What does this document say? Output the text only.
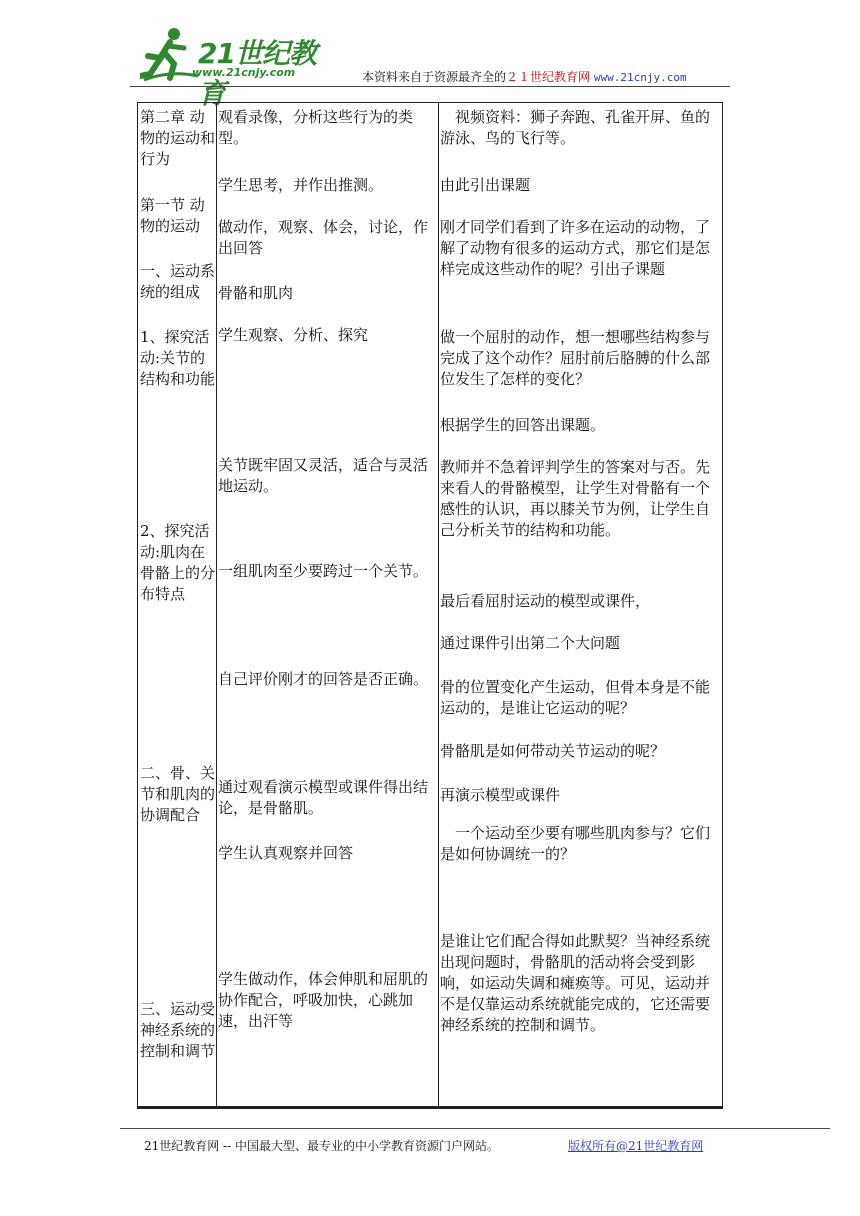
21世纪教育
www.21cnjy.com	本资料来自于资源最齐全的２１世纪教育网 www.21cnjy.com
第二章 动物的运动和行为
第一节 动物的运动
一、运动系统的组成
1、探究活动:关节的结构和功能
2、探究活动:肌肉在骨骼上的分布特点
二、骨、关节和肌肉的协调配合
三、运动受神经系统的控制和调节
观看录像，分析这些行为的类型。
学生思考，并作出推测。
做动作，观察、体会，讨论，作出回答
骨骼和肌肉
学生观察、分析、探究
关节既牢固又灵活，适合与灵活地运动。
一组肌肉至少要跨过一个关节。
自己评价刚才的回答是否正确。
通过观看演示模型或课件得出结论，是骨骼肌。
学生认真观察并回答
学生做动作，体会伸肌和屈肌的协作配合，呼吸加快，心跳加速，出汗等
视频资料：狮子奔跑、孔雀开屏、鱼的游泳、鸟的飞行等。
由此引出课题
刚才同学们看到了许多在运动的动物，了解了动物有很多的运动方式，那它们是怎样完成这些动作的呢？引出子课题
做一个屈肘的动作，想一想哪些结构参与完成了这个动作？屈肘前后胳膊的什么部位发生了怎样的变化？
根据学生的回答出课题。
教师并不急着评判学生的答案对与否。先来看人的骨骼模型，让学生对骨骼有一个感性的认识，再以膝关节为例，让学生自己分析关节的结构和功能。
最后看屈肘运动的模型或课件，
通过课件引出第二个大问题
骨的位置变化产生运动，但骨本身是不能运动的，是谁让它运动的呢？
骨骼肌是如何带动关节运动的呢？
再演示模型或课件
一个运动至少要有哪些肌肉参与？它们是如何协调统一的？
是谁让它们配合得如此默契？当神经系统出现问题时，骨骼肌的活动将会受到影响，如运动失调和瘫痪等。可见，运动并不是仅靠运动系统就能完成的，它还需要神经系统的控制和调节。
21世纪教育网 -- 中国最大型、最专业的中小学教育资源门户网站。	版权所有@21世纪教育网
